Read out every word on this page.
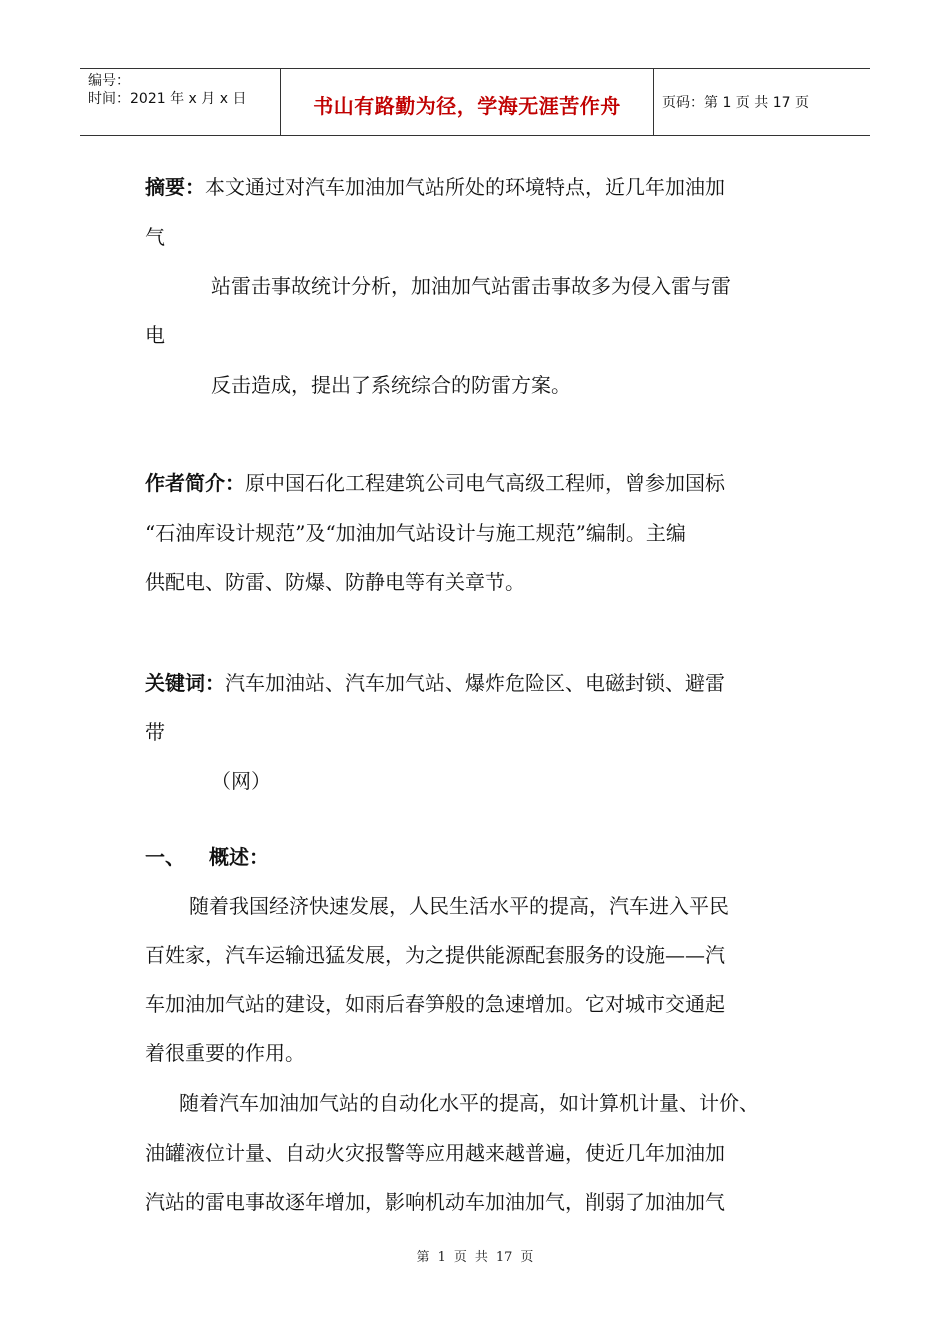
编号：
时间：2021 年 x 月 x 日	书山有路勤为径，学海无涯苦作舟	页码： 第 1 页 共 17 页
摘要：本文通过对汽车加油加气站所处的环境特点，近几年加油加
气
站雷击事故统计分析，加油加气站雷击事故多为侵入雷与雷
电
反击造成，提出了系统综合的防雷方案。
作者简介：原中国石化工程建筑公司电气高级工程师，曾参加国标
“石油库设计规范”及“加油加气站设计与施工规范”编制。主编
供配电、防雷、防爆、防静电等有关章节。
关键词：汽车加油站、汽车加气站、爆炸危险区、电磁封锁、避雷
带
（网）
一、 概述：
随着我国经济快速发展，人民生活水平的提高，汽车进入平民
百姓家，汽车运输迅猛发展，为之提供能源配套服务的设施——汽
车加油加气站的建设，如雨后春笋般的急速增加。它对城市交通起
着很重要的作用。
随着汽车加油加气站的自动化水平的提高，如计算机计量、计价、
油罐液位计量、自动火灾报警等应用越来越普遍，使近几年加油加
汽站的雷电事故逐年增加，影响机动车加油加气，削弱了加油加气
第 1 页 共 17 页
